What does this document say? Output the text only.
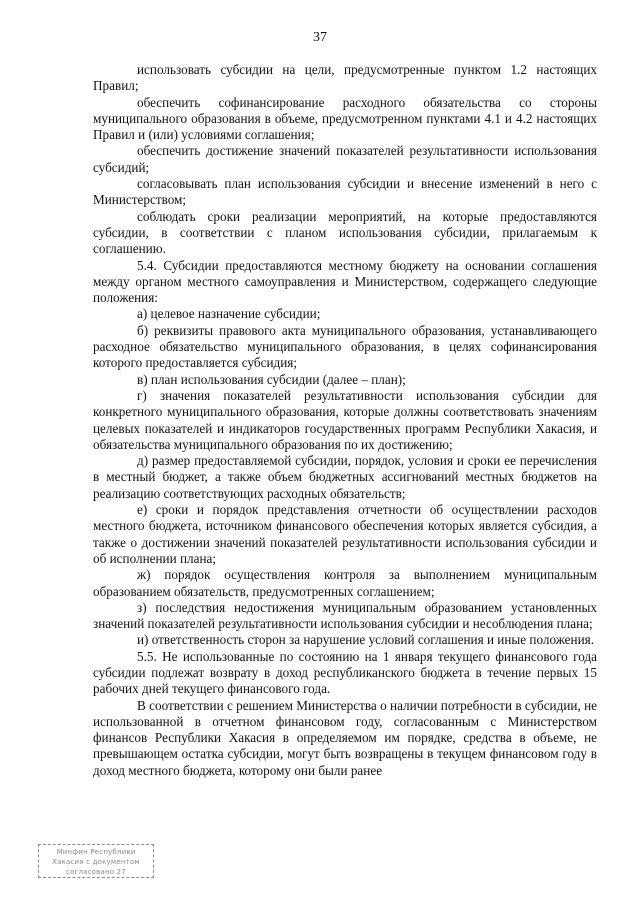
37

использовать субсидии на цели, предусмотренные пунктом 1.2 настоящих Правил;

обеспечить софинансирование расходного обязательства со стороны муниципального образования в объеме, предусмотренном пунктами 4.1 и 4.2 настоящих Правил и (или) условиями соглашения;

обеспечить достижение значений показателей результативности использования субсидий;

согласовывать план использования субсидии и внесение изменений в него с Министерством;

соблюдать сроки реализации мероприятий, на которые предоставляются субсидии, в соответствии с планом использования субсидии, прилагаемым к соглашению.

5.4. Субсидии предоставляются местному бюджету на основании соглашения между органом местного самоуправления и Министерством, содержащего следующие положения:

а) целевое назначение субсидии;

б) реквизиты правового акта муниципального образования, устанавливающего расходное обязательство муниципального образования, в целях софинансирования которого предоставляется субсидия;

в) план использования субсидии (далее – план);

г) значения показателей результативности использования субсидии для конкретного муниципального образования, которые должны соответствовать значениям целевых показателей и индикаторов государственных программ Республики Хакасия, и обязательства муниципального образования по их достижению;

д) размер предоставляемой субсидии, порядок, условия и сроки ее перечисления в местный бюджет, а также объем бюджетных ассигнований местных бюджетов на реализацию соответствующих расходных обязательств;

е) сроки и порядок представления отчетности об осуществлении расходов местного бюджета, источником финансового обеспечения которых является субсидия, а также о достижении значений показателей результативности использования субсидии и об исполнении плана;

ж) порядок осуществления контроля за выполнением муниципальным образованием обязательств, предусмотренных соглашением;

з) последствия недостижения муниципальным образованием установленных значений показателей результативности использования субсидии и несоблюдения плана;

и) ответственность сторон за нарушение условий соглашения и иные положения.

5.5. Не использованные по состоянию на 1 января текущего финансового года субсидии подлежат возврату в доход республиканского бюджета в течение первых 15 рабочих дней текущего финансового года.

В соответствии с решением Министерства о наличии потребности в субсидии, не использованной в отчетном финансовом году, согласованным с Министерством финансов Республики Хакасия в определяемом им порядке, средства в объеме, не превышающем остатка субсидии, могут быть возвращены в текущем финансовом году в доход местного бюджета, которому они были ранее

Минфин Республики
Хакасия с документом
согласовано 27
